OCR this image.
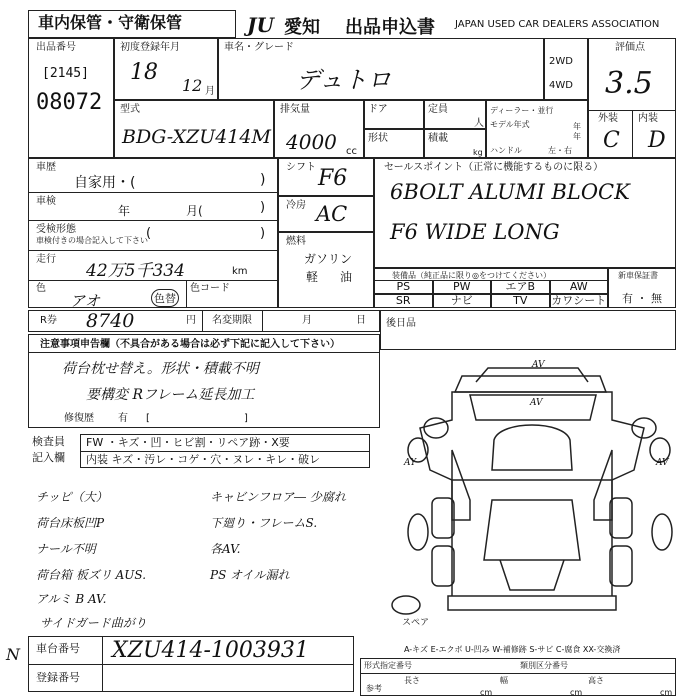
車内保管・守衛保管	JU 愛知 出品申込書 JAPAN USED CAR DEALERS ASSOCIATION
出品番号
[2145]
08072
初度登録年月
18
12 月
車名・グレード
デュトロ
2WD
4WD
評価点
3.5
外装 内装
C D
型式
BDG-XZU414M
排気量
4000 cc
ドア	定員
人
形状	積載
kg
ディーラー・並行
モデル年式	年
年
ハンドル	左・右
車歴
自家用・(	)
車検
年	月(	)
受検形態
車検付きの場合記入して下さい
(	)
走行
42万5千334	km
色
アオ	色替
色コード
シフト F6
冷房 AC
燃料
ガソリン
軽 油
セールスポイント（正常に機能するものに限る）
6BOLT ALUMI BLOCK
F6 WIDE LONG
装備品（純正品に限り◎をつけてください）
PS	PW	エアB	AW
SR	ナビ	TV	カワシート
新車保証書
有 ・ 無
R券 8740	円 名変期限	月	日
注意事項申告欄（不具合がある場合は必ず下記に記入して下さい）
荷台枕せ替え。形状・積載不明
要構変 Rフレーム延長加工
修復歴 有 [	]
後日品
検査員
記入欄
FW ・キズ・凹・ヒビ割・リペア跡・X要
内装 キズ・汚レ・コゲ・穴・ヌレ・キレ・破レ
チッピ（大）
荷台床板凹P
ナール不明
荷台箱 板ズリ AUS.
アルミ B AV.
サイドガード曲がり
キャビンフロア― 少腐れ
下廻り・フレームS.
各AV.
PS オイル漏れ
AV
AV
AY	AV
スペア
A-キズ E-エクボ U-凹み W-補修跡 S-サビ C-腐食 XX-交換済
N 車台番号 XZU414-1003931
登録番号
形式指定番号	類別区分番号
参考
長さ	幅	高さ
cm	cm	cm
